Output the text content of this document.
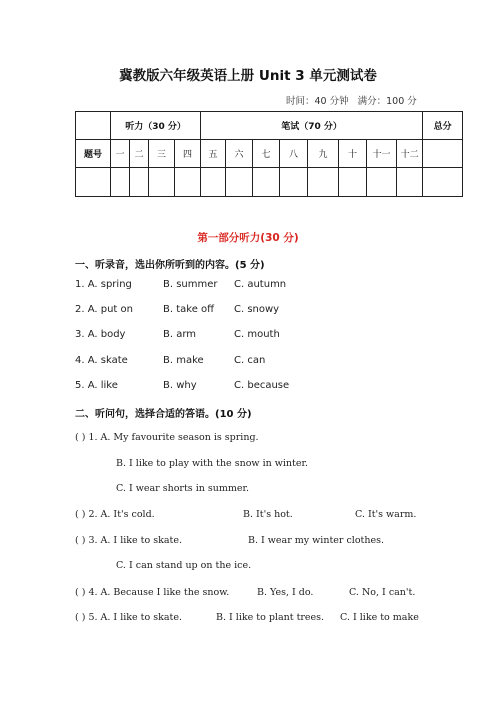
冀教版六年级英语上册 Unit 3 单元测试卷
时间：40 分钟 满分：100 分
	听力（30 分）				笔试（70 分）								总分
题号	一	二	三	四	五	六	七	八	九	十	十一	十二	

第一部分听力(30 分)
一、听录音，选出你所听到的内容。(5 分)
1. A. spring	B. summer C. autumn
2. A. put on	B. take off C. snowy
3. A. body	B. arm	C. mouth
4. A. skate	B. make	C. can
5. A. like	B. why	C. because
二、听问句，选择合适的答语。(10 分)
( ) 1. A. My favourite season is spring.
B. I like to play with the snow in winter.
C. I wear shorts in summer.
( ) 2. A. It's cold.	B. It's hot.	C. It's warm.
( ) 3. A. I like to skate.	B. I wear my winter clothes.
C. I can stand up on the ice.
( ) 4. A. Because I like the snow.	B. Yes, I do.	C. No, I can't.
( ) 5. A. I like to skate.	B. I like to plant trees. C. I like to make
